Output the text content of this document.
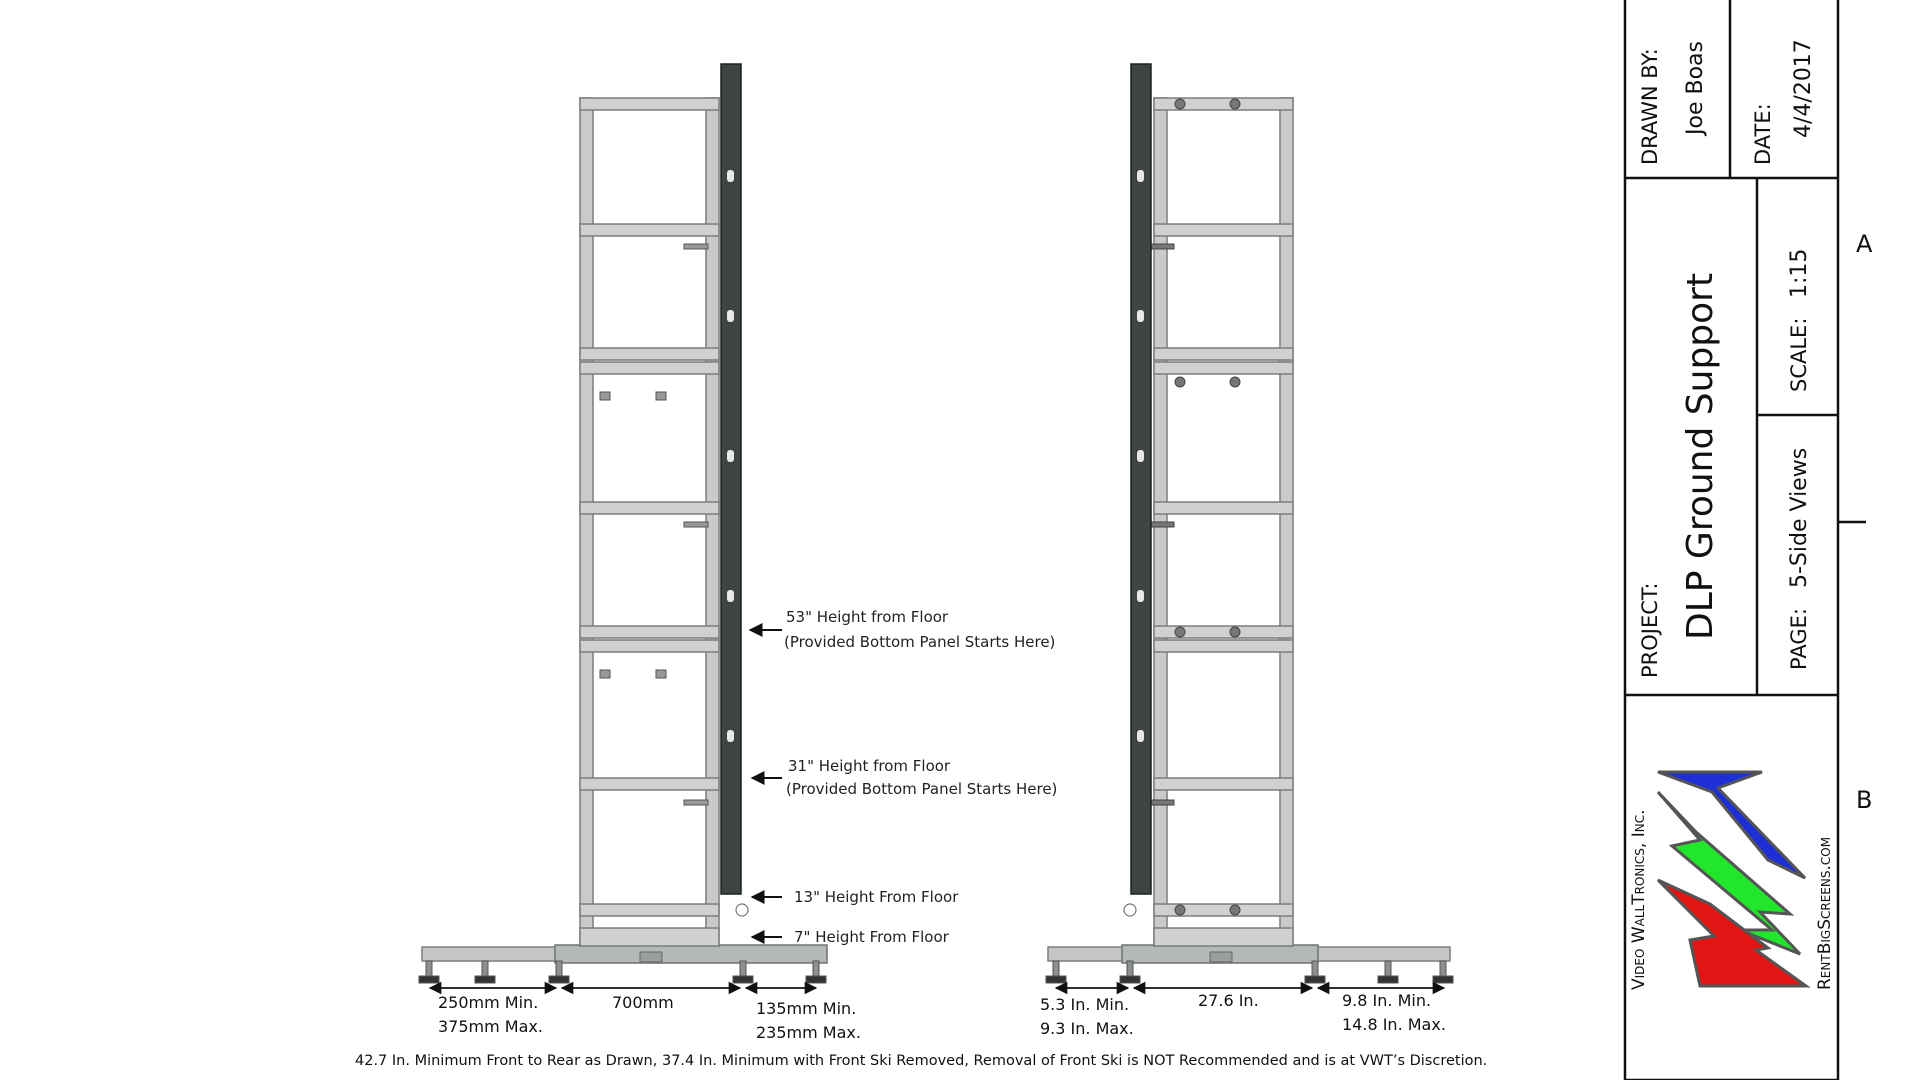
53" Height from Floor
(Provided Bottom Panel Starts Here)
31" Height from Floor
(Provided Bottom Panel Starts Here)
13" Height From Floor
7" Height From Floor
250mm Min.
375mm Max.
700mm	135mm Min.
235mm Max.
5.3 In. Min.
9.3 In. Max.
27.6 In.	9.8 In. Min.
14.8 In. Max.
42.7 In. Minimum Front to Rear as Drawn, 37.4 In. Minimum with Front Ski Removed, Removal of Front Ski is NOT Recommended and is at VWT’s Discretion.
DRAWN BY: Joe Boas DATE: 4/4/2017
PROJECT: DLP Ground Support	SCALE:
1:15
PAGE:
5-Side Views
Video WallTronics, Inc.	RentBigScreens.com
A
B
